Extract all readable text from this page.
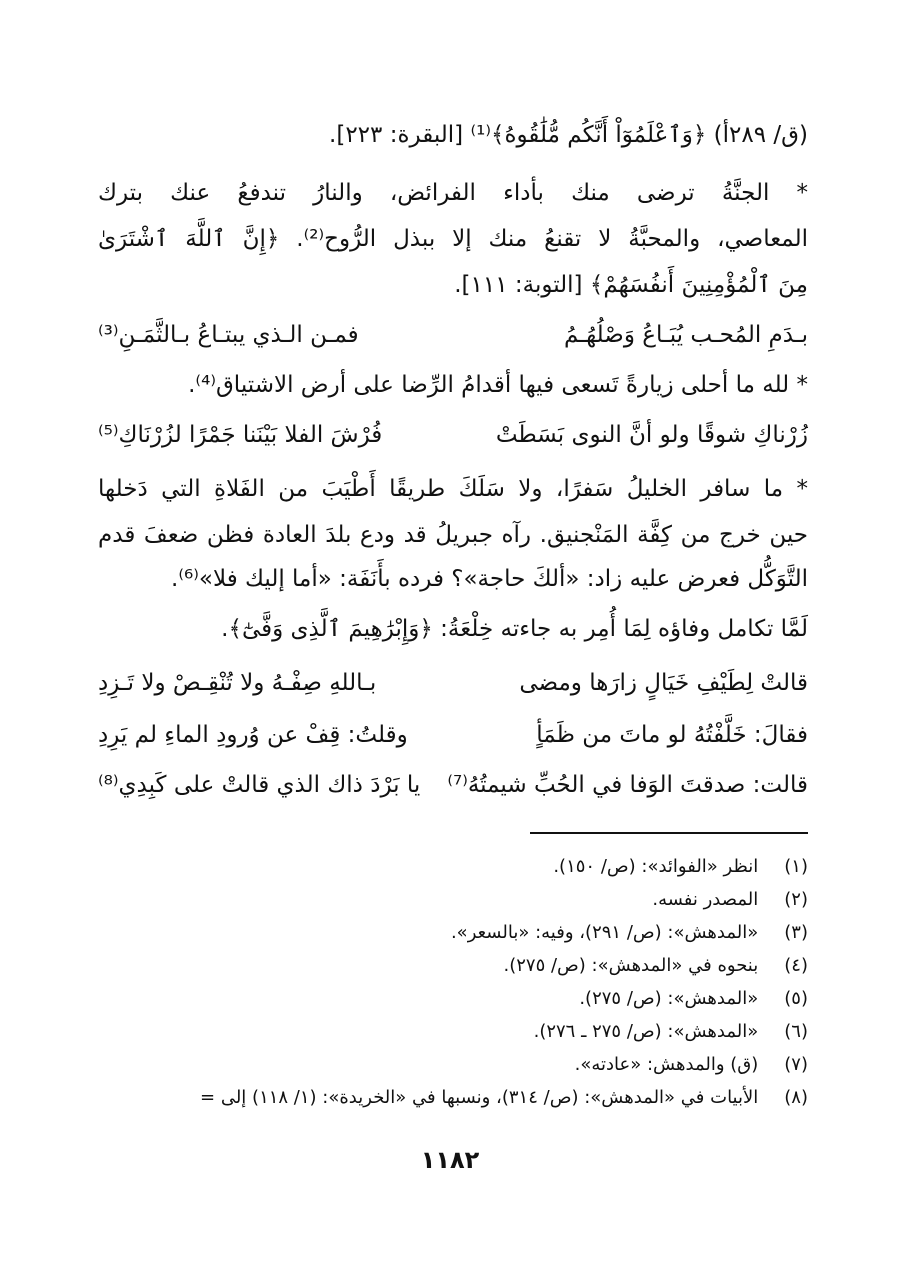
(ق/ ٢٨٩أ) ﴿وَٱعْلَمُوٓاْ أَنَّكُم مُّلَٰقُوهُ﴾⁽¹⁾ [البقرة: ٢٢٣].
* الجنَّةُ ترضى منك بأداء الفرائض، والنارُ تندفعُ عنك بترك
المعاصي، والمحبَّةُ لا تقنعُ منك إلا ببذل الرُّوح⁽²⁾. ﴿إِنَّ ٱللَّهَ ٱشْتَرَىٰ
مِنَ ٱلْمُؤْمِنِينَ أَنفُسَهُمْ﴾ [التوبة: ١١١].
فمـن الـذي يبتـاعُ بـالثَّمَـنِ⁽³⁾	بـدَمِ المُحـب يُبَـاعُ وَصْلُهُـمُ
* لله ما أحلى زيارةً تَسعى فيها أقدامُ الرِّضا على أرض الاشتياق⁽⁴⁾.
زُرْناكِ شوقًا ولو أنَّ النوى بَسَطَتْ
فُرْشَ الفلا بَيْنَنا جَمْرًا لزُرْنَاكِ⁽⁵⁾
* ما سافر الخليلُ سَفرًا، ولا سَلَكَ طريقًا أَطْيَبَ من الفَلاةِ التي دَخلها
حين خرج من كِفَّة المَنْجنيق. رآه جبريلُ قد ودع بلدَ العادة فظن ضعفَ قدم
التَّوَكُّل فعرض عليه زاد: «ألكَ حاجة»؟ فرده بأَنَفَة: «أما إليك فلا»⁽⁶⁾.
لَمَّا تكامل وفاؤه لِمَا أُمِر به جاءته خِلْعَةُ: ﴿وَإِبْرَٰهِيمَ ٱلَّذِى وَفَّىٰٓ﴾.
قالتْ لِطَيْفِ خَيَالٍ زارَها ومضى
بـاللهِ صِفْـهُ ولا تُنْقِـصْ ولا تَـزِدِ
فقالَ: خَلَّفْتُهُ لو ماتَ من ظَمَأٍ
وقلتُ: قِفْ عن وُرودِ الماءِ لم يَرِدِ
قالت: صدقتَ الوَفا في الحُبِّ شيمتُهُ⁽⁷⁾
يا بَرْدَ ذاك الذي قالتْ على كَبِدِي⁽⁸⁾
(١) انظر «الفوائد»: (ص/ ١٥٠).
(٢) المصدر نفسه.
(٣) «المدهش»: (ص/ ٢٩١)، وفيه: «بالسعر».
(٤) بنحوه في «المدهش»: (ص/ ٢٧٥).
(٥) «المدهش»: (ص/ ٢٧٥).
(٦) «المدهش»: (ص/ ٢٧٥ ـ ٢٧٦).
(٧) (ق) والمدهش: «عادته».
(٨) الأبيات في «المدهش»: (ص/ ٣١٤)، ونسبها في «الخريدة»: (١/ ١١٨) إلى =
١١٨٢
